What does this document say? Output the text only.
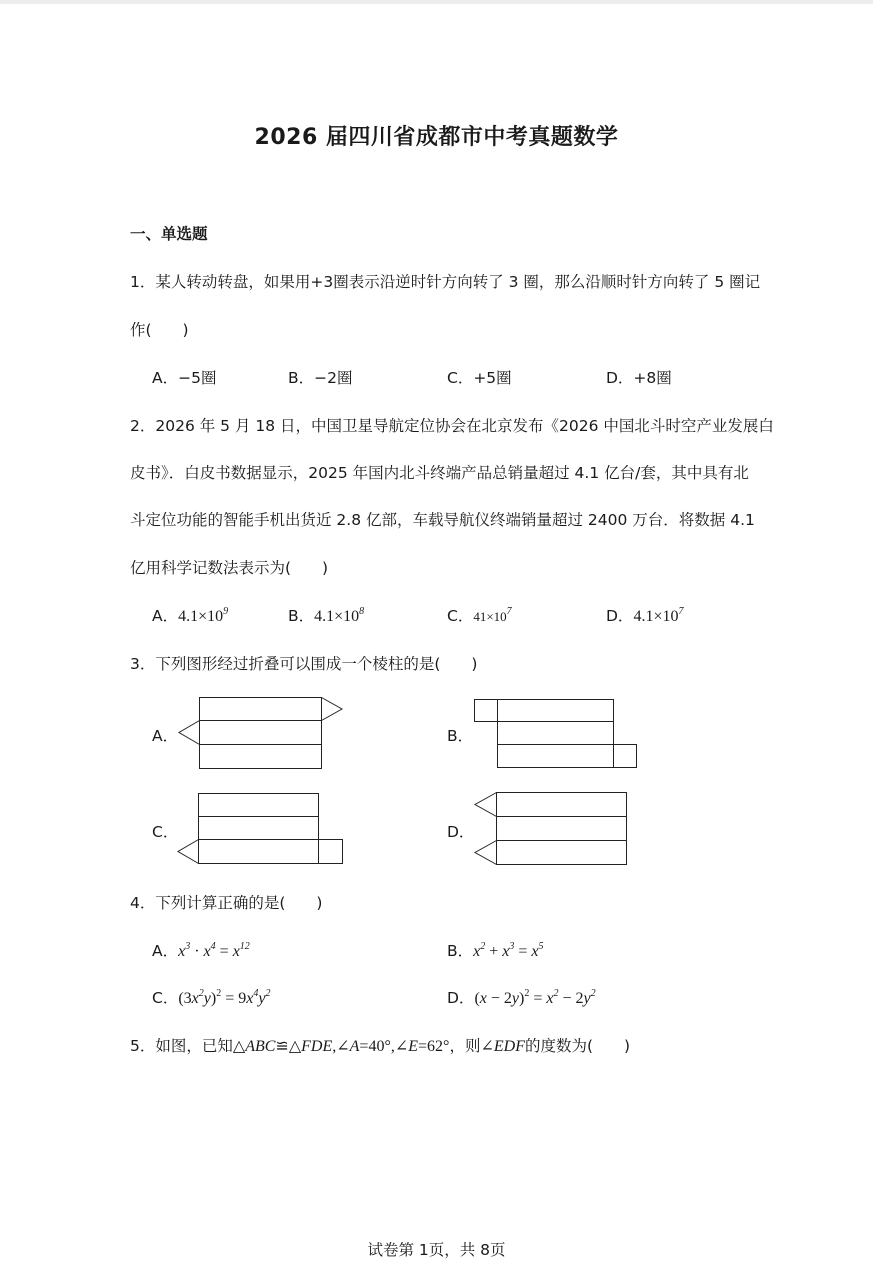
2026 届四川省成都市中考真题数学
一、单选题
1．某人转动转盘，如果用+3圈表示沿逆时针方向转了 3 圈，那么沿顺时针方向转了 5 圈记
作(　　)
A．−5圈	B．−2圈	C．+5圈	D．+8圈
2．2026 年 5 月 18 日，中国卫星导航定位协会在北京发布《2026 中国北斗时空产业发展白
皮书》．白皮书数据显示，2025 年国内北斗终端产品总销量超过 4.1 亿台/套，其中具有北
斗定位功能的智能手机出货近 2.8 亿部，车载导航仪终端销量超过 2400 万台．将数据 4.1
亿用科学记数法表示为(　　)
A．$4.1\times 10^9$	B．$4.1\times 10^8$	C．$41\times 10^7$	D．$4.1\times 10^7$
3．下列图形经过折叠可以围成一个棱柱的是(　　)
A．	B．
C．	D．
4．下列计算正确的是(　　)
A．$x^3 \cdot x^4 = x^{12}$	B．$x^2 + x^3 = x^5$
C．$(3x^2y)^2 = 9x^4y^2$	D．$(x - 2y)^2 = x^2 - 2y^2$
5．如图，已知△ABC≌△FDE,∠A=40°,∠E=62°，则∠EDF的度数为(　　)
试卷第 1页，共 8页
